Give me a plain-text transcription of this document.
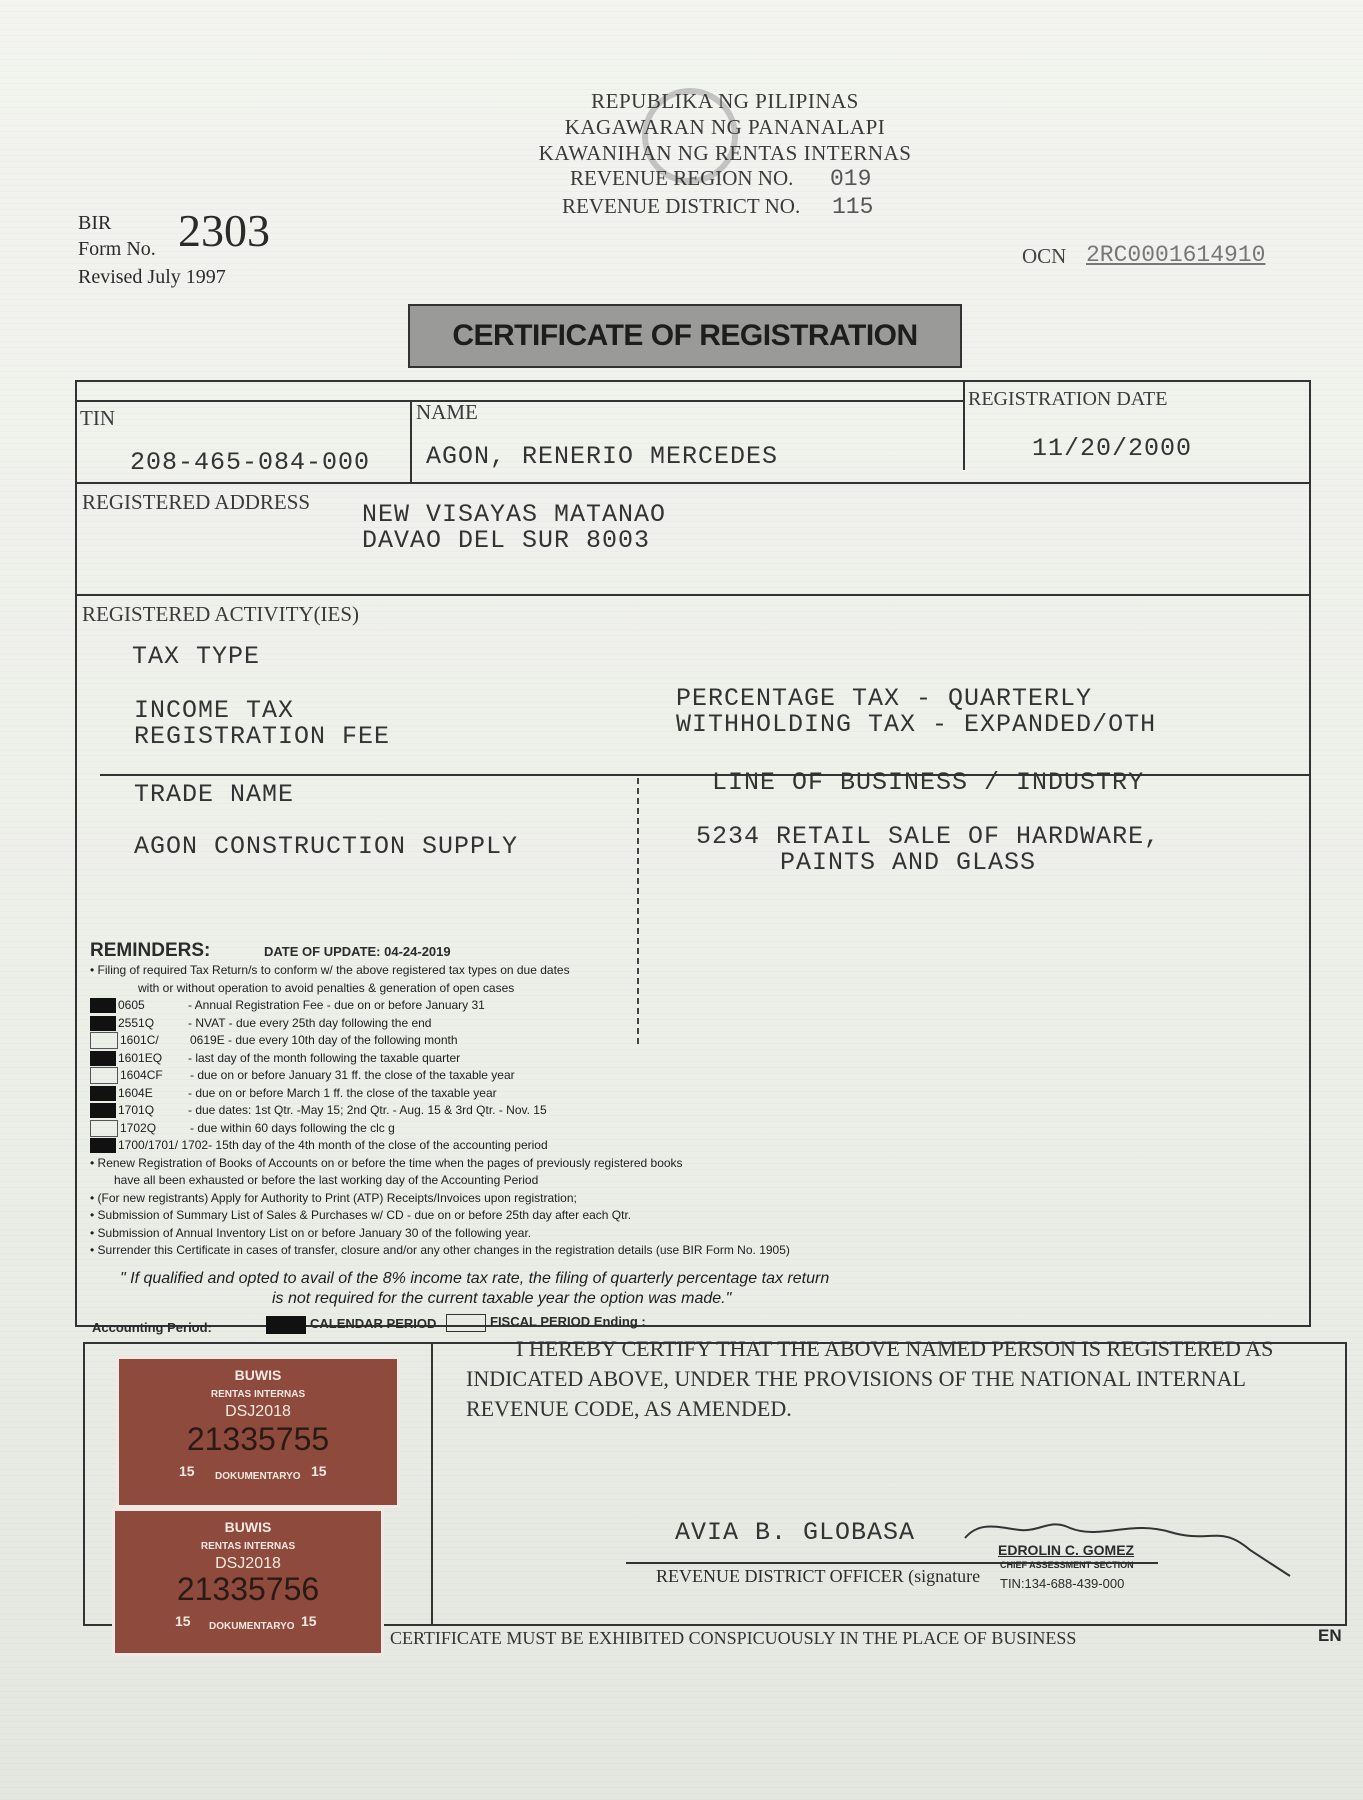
REPUBLIKA NG PILIPINAS
KAGAWARAN NG PANANALAPI
KAWANIHAN NG RENTAS INTERNAS
REVENUE REGION NO. 019
REVENUE DISTRICT NO. 115
BIR
Form No. 2303
Revised July 1997
OCN 2RC0001614910
CERTIFICATE OF REGISTRATION
TIN
208-465-084-000
NAME
AGON, RENERIO MERCEDES
REGISTRATION DATE
11/20/2000
REGISTERED ADDRESS NEW VISAYAS MATANAO
DAVAO DEL SUR 8003
REGISTERED ACTIVITY(IES)
TAX TYPE
INCOME TAX
REGISTRATION FEE
PERCENTAGE TAX - QUARTERLY
WITHHOLDING TAX - EXPANDED/OTH
TRADE NAME
AGON CONSTRUCTION SUPPLY
LINE OF BUSINESS / INDUSTRY
5234 RETAIL SALE OF HARDWARE,
PAINTS AND GLASS
REMINDERS:	DATE OF UPDATE: 04-24-2019
• Filing of required Tax Return/s to conform w/ the above registered tax types on due dates
with or without operation to avoid penalties & generation of open cases
0605	- Annual Registration Fee - due on or before January 31
2551Q	- NVAT - due every 25th day following the end
1601C/	0619E - due every 10th day of the following month
1601EQ - last day of the month following the taxable quarter
1604CF - due on or before January 31 ff. the close of the taxable year
1604E	- due on or before March 1 ff. the close of the taxable year
1701Q	- due dates: 1st Qtr. -May 15; 2nd Qtr. - Aug. 15 & 3rd Qtr. - Nov. 15
1702Q	- due within 60 days following the clc g
1700/1701/ 1702- 15th day of the 4th month of the close of the accounting period
• Renew Registration of Books of Accounts on or before the time when the pages of previously registered books
have all been exhausted or before the last working day of the Accounting Period
• (For new registrants) Apply for Authority to Print (ATP) Receipts/Invoices upon registration;
• Submission of Summary List of Sales & Purchases w/ CD - due on or before 25th day after each Qtr.
• Submission of Annual Inventory List on or before January 30 of the following year.
• Surrender this Certificate in cases of transfer, closure and/or any other changes in the registration details (use BIR Form No. 1905)
" If qualified and opted to avail of the 8% income tax rate, the filing of quarterly percentage tax return
is not required for the current taxable year the option was made."
Accounting Period:	CALENDAR PERIOD	FISCAL PERIOD Ending :
I HEREBY CERTIFY THAT THE ABOVE NAMED PERSON IS REGISTERED AS INDICATED ABOVE, UNDER THE PROVISIONS OF THE NATIONAL INTERNAL REVENUE CODE, AS AMENDED.
AVIA B. GLOBASA
REVENUE DISTRICT OFFICER (signature
EDROLIN C. GOMEZ
CHIEF ASSESSMENT SECTION
TIN:134-688-439-000
BUWIS
RENTAS INTERNAS
DSJ2018
21335755
15 DOKUMENTARYO 15
BUWIS
RENTAS INTERNAS
DSJ2018
21335756
15 DOKUMENTARYO 15
CERTIFICATE MUST BE EXHIBITED CONSPICUOUSLY IN THE PLACE OF BUSINESS	EN
